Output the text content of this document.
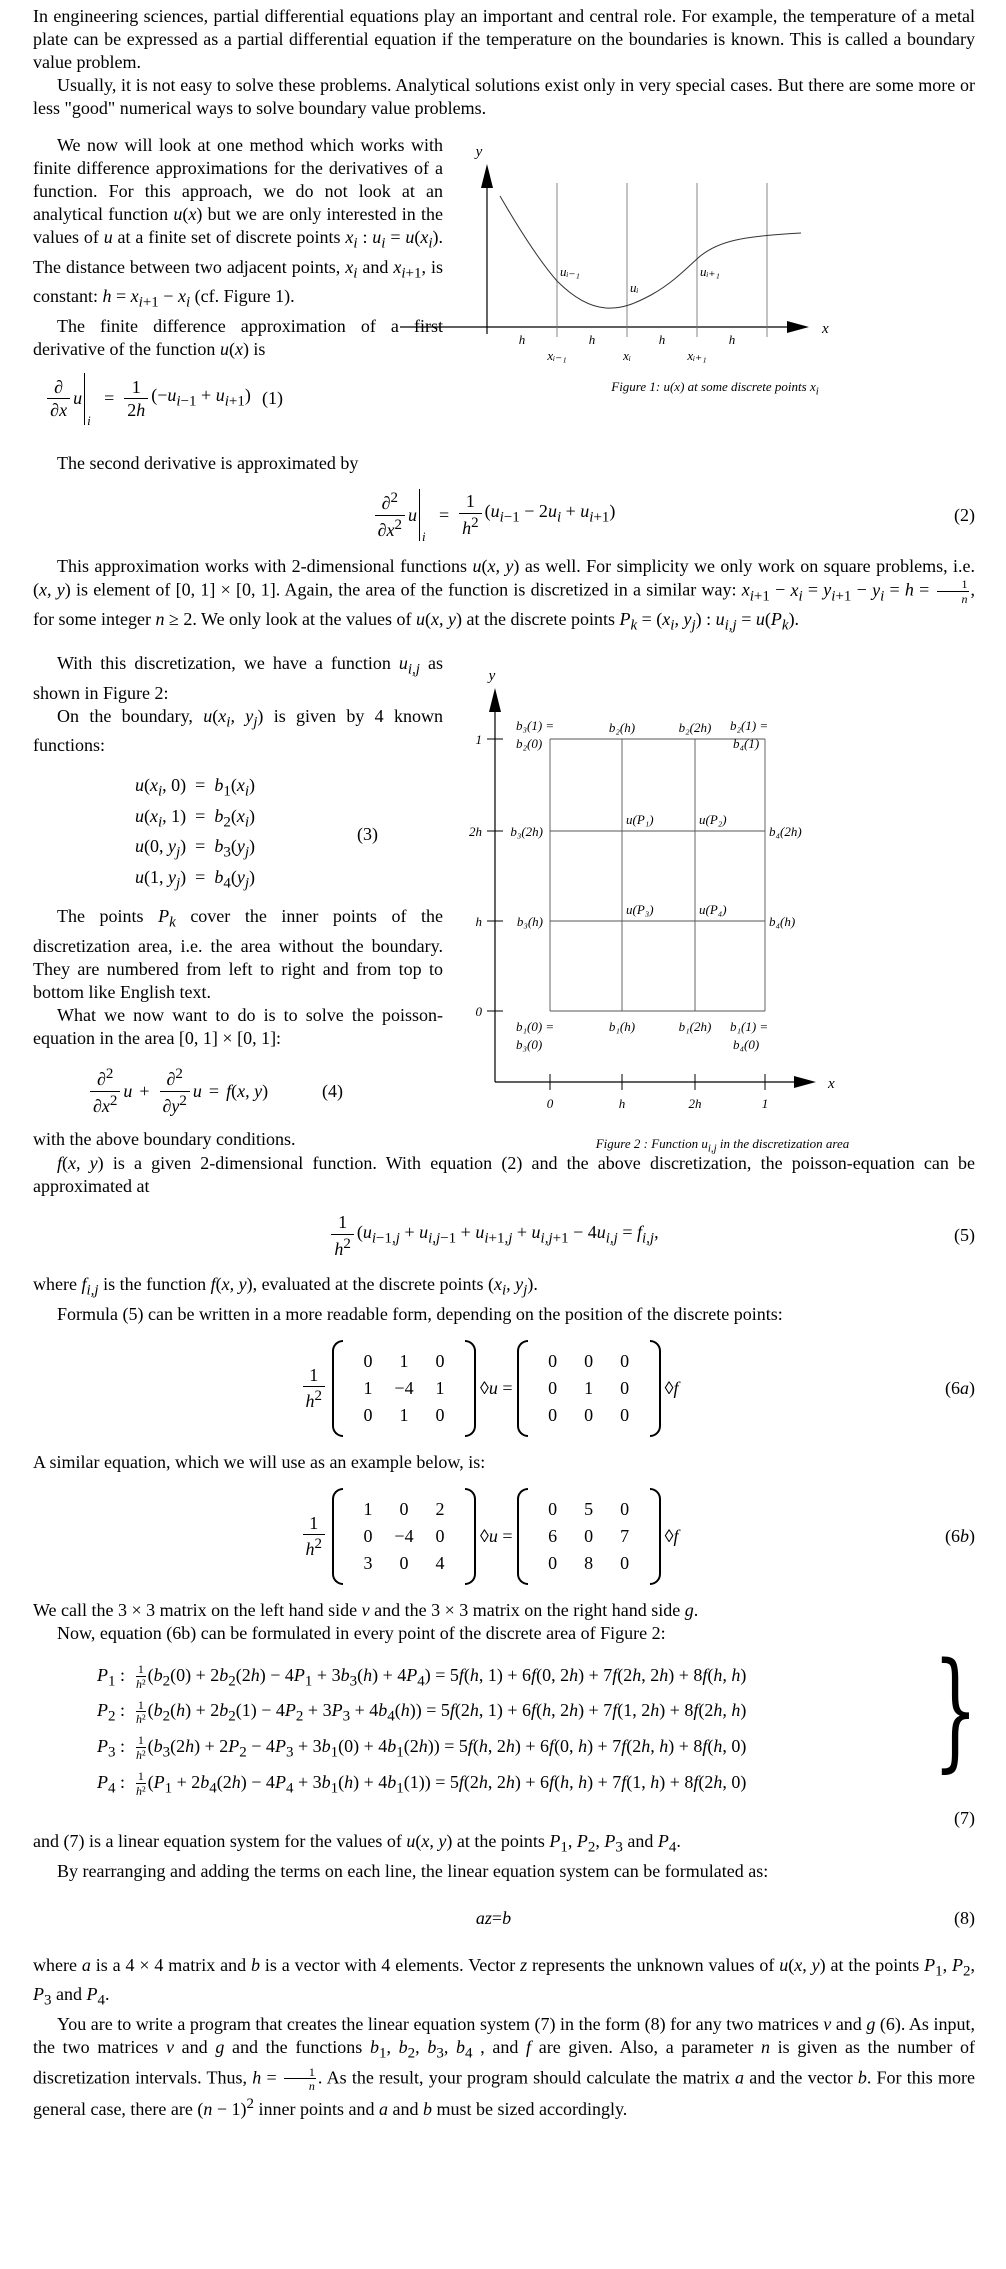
In engineering sciences, partial differential equations play an important and central role. For example, the temperature of a metal plate can be expressed as a partial differential equation if the temperature on the boundaries is known. This is called a boundary value problem.

Usually, it is not easy to solve these problems. Analytical solutions exist only in very special cases. But there are some more or less "good" numerical ways to solve boundary value problems.

We now will look at one method which works with finite difference approximations for the derivatives of a function. For this approach, we do not look at an analytical function u(x) but we are only interested in the values of u at a finite set of discrete points $x_i$ : $u_i = u(x_i)$. The distance between two adjacent points, $x_i$ and $x_{i+1}$, is constant: $h = x_{i+1} - x_i$ (cf. Figure 1).

The finite difference approximation of a first derivative of the function u(x) is

$\frac{\partial}{\partial x}$ u
i
= $\frac{1}{2h} (-u_{i-1} + u_{i+1})$ (1)
y
x
uᵢ₋₁
uᵢ
uᵢ₊₁
h	h	h	h
xᵢ₋₁	xᵢ	xᵢ₊₁
Figure 1: u(x) at some discrete points $x_i$

The second derivative is approximated by

$\frac{\partial^2}{\partial x^2}$ u
i
= $\frac{1}{h^2} (u_{i-1} - 2u_i + u_{i+1})$	(2)

This approximation works with 2-dimensional functions u(x, y) as well. For simplicity we only work on square problems, i.e. (x, y) is element of [0, 1] × [0, 1]. Again, the area of the function is discretized in a similar way: $x_{i+1} - x_i = y_{i+1} - y_i = h = \frac{1}{n}$ , for some integer n ≥ 2. We only look at the values of u(x, y) at the discrete points $P_k = (x_i$, $y_j$) : $u_{i,j} = u(P_k)$.

With this discretization, we have a function $u_{i,j}$ as shown in Figure 2:

On the boundary, $u(x_i$, $y_j$) is given by 4 known functions:

$u(x_i$, $0) = b_1(x_i)$
$u(x_i$, $1) = b_2(x_i)$
u(0, $y_j) = b_3(y_j)$
u(1, $y_j) = b_4(y_j)$
(3)

The points $P_k$ cover the inner points of the discretization area, i.e. the area without the boundary. They are numbered from left to right and from top to bottom like English text.

What we now want to do is to solve the poisson-equation in the area [0, 1] × [0, 1]:

$\frac{\partial^2}{\partial x^2}$ $u + \frac{\partial^2}{\partial y^2}$ u = f ( x, y )	(4)

with the above boundary conditions.

y
x
1
2h
h
0
0	h	2h	1
b₃(1) =
b₂(0)
b₂(h)	b₂(2h) b₂(1) =
b₄(1)
b₃(2h)
u(P₁)	u(P₂)
b₄(2h)
b₃(h)
u(P₃)	u(P₄)
b₄(h)
b₁(0) =
b₃(0)
b₁(h)	b₁(2h) b₁(1) =
b₄(0)
Figure 2 : Function $u_{i,j}$ in the discretization area

f(x, y) is a given 2-dimensional function. With equation (2) and the above discretization, the poisson-equation can be approximated at

$\frac{1}{h^2} (u_{i-1,j} + u_{i,j-1} + u_{i+1,j} + u_{i,j+1} - 4u_{i,j} = f_{i,j}$,	(5)

where $f_{i,j}$ is the function f(x, y), evaluated at the discrete points ($x_i$, $y_j$).

Formula (5) can be written in a more readable form, depending on the position of the discrete points:

$\frac{1}{h^2}$
0	1	0
1	−4	1
0	1	0
◊u =
0	0	0
0	1	0
0	0	0
◊f	(6a)

A similar equation, which we will use as an example below, is:

$\frac{1}{h^2}$
1	0	2
0	−4	0
3	0	4
◊u =
0	5	0
6	0	7
0	8	0
◊f	(6b)

We call the 3 × 3 matrix on the left hand side v and the 3 × 3 matrix on the right hand side g.

Now, equation (6b) can be formulated in every point of the discrete area of Figure 2:

$P_1$ :  $\frac{1}{\text{h²}} (b_2(0) + 2b_2(2h) - 4P_1 + 3b_3(h) + 4P_4) = 5f(h$, 1) + 6f(0, 2h) + 7f(2h, 2h) + 8f(h, h)
$P_2$ :  $\frac{1}{\text{h²}} (b_2(h) + 2b_2(1) - 4P_2 + 3P_3 + 4b_4(h)) = 5f(2h$, 1) + 6f(h, 2h) + 7f(1, 2h) + 8f(2h, h)
$P_3$ :  $\frac{1}{\text{h²}} (b_3(2h) + 2P_2 - 4P_3 + 3b_1(0) + 4b_1(2h)) = 5f(h$, 2h) + 6f(0, h) + 7f(2h, h) + 8f(h, 0)
$P_4$ :  $\frac{1}{\text{h²}} (P_1 + 2b_4(2h) - 4P_4 + 3b_1(h) + 4b_1(1)) = 5f(2h$, 2h) + 6f(h, h) + 7f(1, h) + 8f(2h, 0)	}
(7)

and (7) is a linear equation system for the values of u(x, y) at the points $P_1$, $P_2$, $P_3$ and $P_4$.

By rearranging and adding the terms on each line, the linear equation system can be formulated as:

az = b	(8)

where a is a 4 × 4 matrix and b is a vector with 4 elements. Vector z represents the unknown values of u(x, y) at the points $P_1$, $P_2$, $P_3$ and $P_4$.

You are to write a program that creates the linear equation system (7) in the form (8) for any two matrices v and g (6). As input, the two matrices v and g and the functions $b_1$, $b_2$, $b_3$, $b_4$ , and f are given. Also, a parameter n is given as the number of discretization intervals. Thus, $h = \frac{1}{n}$ . As the result, your program should calculate the matrix a and the vector b. For this more general case, there are $(n - 1)^2$ inner points and a and b must be sized accordingly.
